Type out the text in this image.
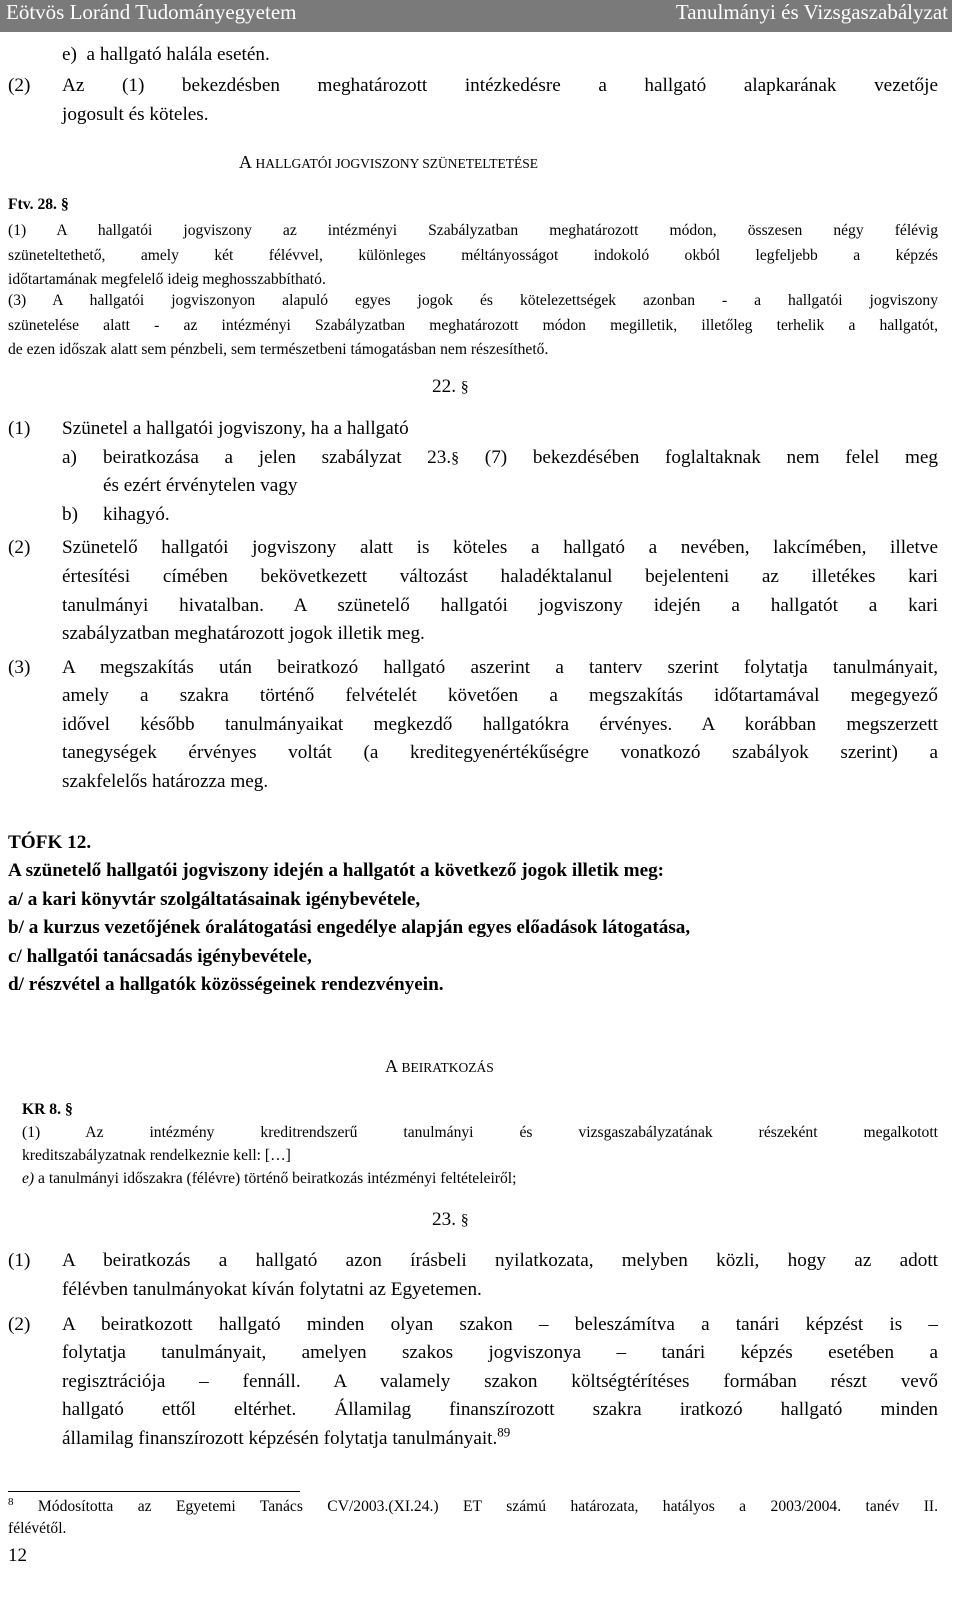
Eötvös Loránd Tudományegyetem	Tanulmányi és Vizsgaszabályzat
e) a hallgató halála esetén.
(2) Az (1) bekezdésben meghatározott intézkedésre a hallgató alapkarának vezetője
jogosult és köteles.
A HALLGATÓI JOGVISZONY SZÜNETELTETÉSE
Ftv. 28. §
(1) A hallgatói jogviszony az intézményi Szabályzatban meghatározott módon, összesen négy félévig
szüneteltethető, amely két félévvel, különleges méltányosságot indokoló okból legfeljebb a képzés
időtartamának megfelelő ideig meghosszabbítható.
(3) A hallgatói jogviszonyon alapuló egyes jogok és kötelezettségek azonban - a hallgatói jogviszony
szünetelése alatt - az intézményi Szabályzatban meghatározott módon megilletik, illetőleg terhelik a hallgatót,
de ezen időszak alatt sem pénzbeli, sem természetbeni támogatásban nem részesíthető.
22. §
(1) Szünetel a hallgatói jogviszony, ha a hallgató
a) beiratkozása a jelen szabályzat 23.§ (7) bekezdésében foglaltaknak nem felel meg
és ezért érvénytelen vagy
b) kihagyó.
(2) Szünetelő hallgatói jogviszony alatt is köteles a hallgató a nevében, lakcímében, illetve
értesítési címében bekövetkezett változást haladéktalanul bejelenteni az illetékes kari
tanulmányi hivatalban. A szünetelő hallgatói jogviszony idején a hallgatót a kari
szabályzatban meghatározott jogok illetik meg.
(3) A megszakítás után beiratkozó hallgató aszerint a tanterv szerint folytatja tanulmányait,
amely a szakra történő felvételét követően a megszakítás időtartamával megegyező
idővel később tanulmányaikat megkezdő hallgatókra érvényes. A korábban megszerzett
tanegységek érvényes voltát (a kreditegyenértékűségre vonatkozó szabályok szerint) a
szakfelelős határozza meg.
TÓFK 12.
A szünetelő hallgatói jogviszony idején a hallgatót a következő jogok illetik meg:
a/ a kari könyvtár szolgáltatásainak igénybevétele,
b/ a kurzus vezetőjének óralátogatási engedélye alapján egyes előadások látogatása,
c/ hallgatói tanácsadás igénybevétele,
d/ részvétel a hallgatók közösségeinek rendezvényein.
A BEIRATKOZÁS
KR 8. §
(1) Az intézmény kreditrendszerű tanulmányi és vizsgaszabályzatának részeként megalkotott
kreditszabályzatnak rendelkeznie kell: […]
e) a tanulmányi időszakra (félévre) történő beiratkozás intézményi feltételeiről;
23. §
(1) A beiratkozás a hallgató azon írásbeli nyilatkozata, melyben közli, hogy az adott
félévben tanulmányokat kíván folytatni az Egyetemen.
(2) A beiratkozott hallgató minden olyan szakon – beleszámítva a tanári képzést is –
folytatja tanulmányait, amelyen szakos jogviszonya – tanári képzés esetében a
regisztrációja – fennáll. A valamely szakon költségtérítéses formában részt vevő
hallgató ettől eltérhet. Államilag finanszírozott szakra iratkozó hallgató minden
államilag finanszírozott képzésén folytatja tanulmányait.$^{89}$
$^8$ Módosította az Egyetemi Tanács CV/2003.(XI.24.) ET számú határozata, hatályos a 2003/2004. tanév II.
félévétől.
12
